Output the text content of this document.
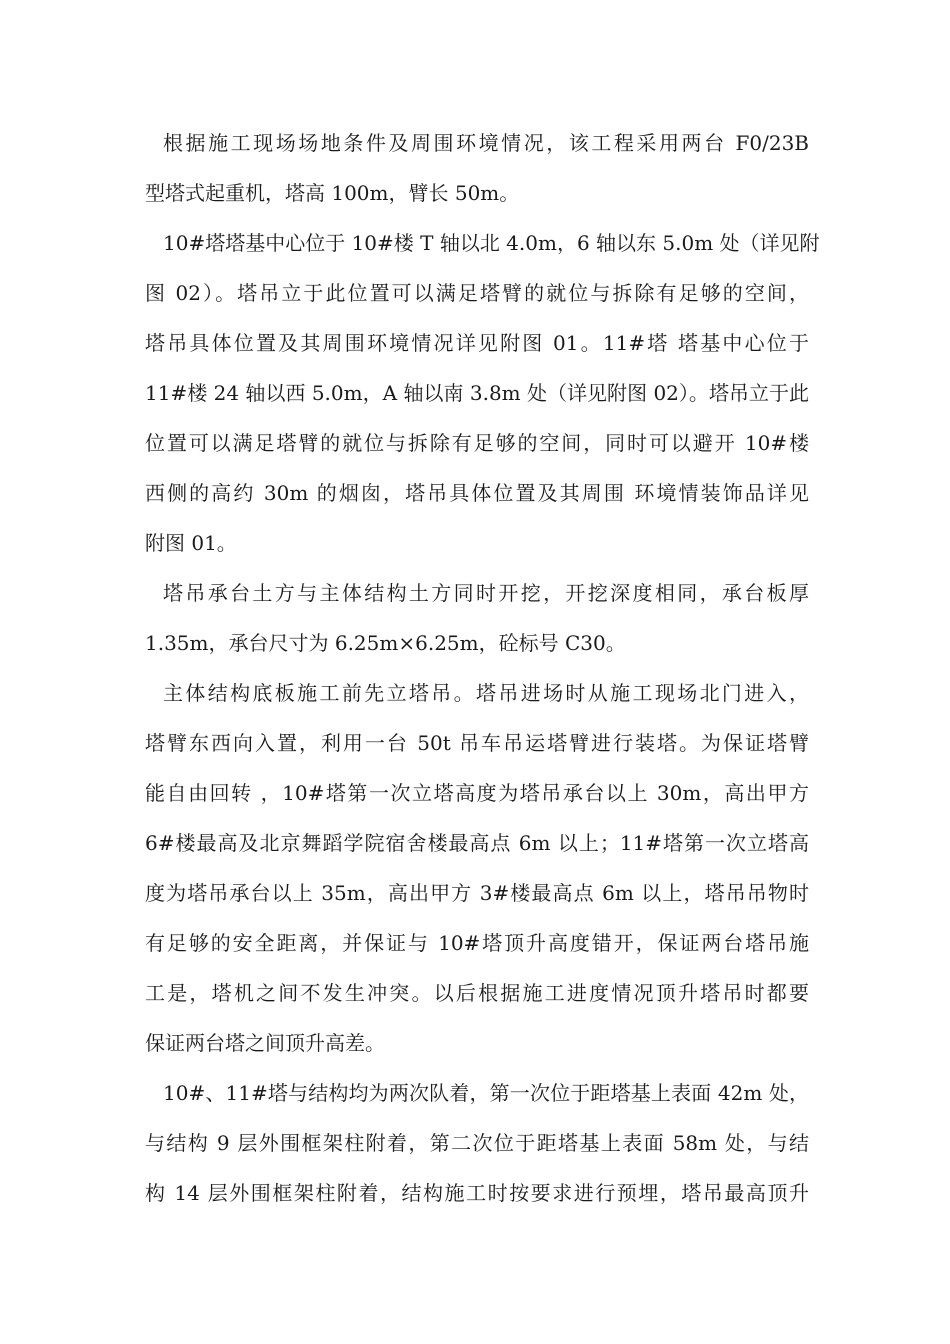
根据施工现场场地条件及周围环境情况，该工程采用两台 F0/23B
型塔式起重机，塔高 100m，臂长 50m。
10#塔塔基中心位于 10#楼 T 轴以北 4.0m，6 轴以东 5.0m 处（详见附
图 02）。塔吊立于此位置可以满足塔臂的就位与拆除有足够的空间，
塔吊具体位置及其周围环境情况详见附图 01。11#塔 塔基中心位于
11#楼 24 轴以西 5.0m，A 轴以南 3.8m 处（详见附图 02）。塔吊立于此
位置可以满足塔臂的就位与拆除有足够的空间，同时可以避开 10#楼
西侧的高约 30m 的烟囱，塔吊具体位置及其周围 环境情装饰品详见
附图 01。
塔吊承台土方与主体结构土方同时开挖，开挖深度相同，承台板厚
1.35m，承台尺寸为 6.25m×6.25m，砼标号 C30。
主体结构底板施工前先立塔吊。塔吊进场时从施工现场北门进入，
塔臂东西向入置，利用一台 50t 吊车吊运塔臂进行装塔。为保证塔臂
能自由回转 ，10#塔第一次立塔高度为塔吊承台以上 30m，高出甲方
6#楼最高及北京舞蹈学院宿舍楼最高点 6m 以上；11#塔第一次立塔高
度为塔吊承台以上 35m，高出甲方 3#楼最高点 6m 以上，塔吊吊物时
有足够的安全距离，并保证与 10#塔顶升高度错开，保证两台塔吊施
工是，塔机之间不发生冲突。以后根据施工进度情况顶升塔吊时都要
保证两台塔之间顶升高差。
10#、11#塔与结构均为两次队着，第一次位于距塔基上表面 42m 处，
与结构 9 层外围框架柱附着，第二次位于距塔基上表面 58m 处，与结
构 14 层外围框架柱附着，结构施工时按要求进行预埋，塔吊最高顶升
